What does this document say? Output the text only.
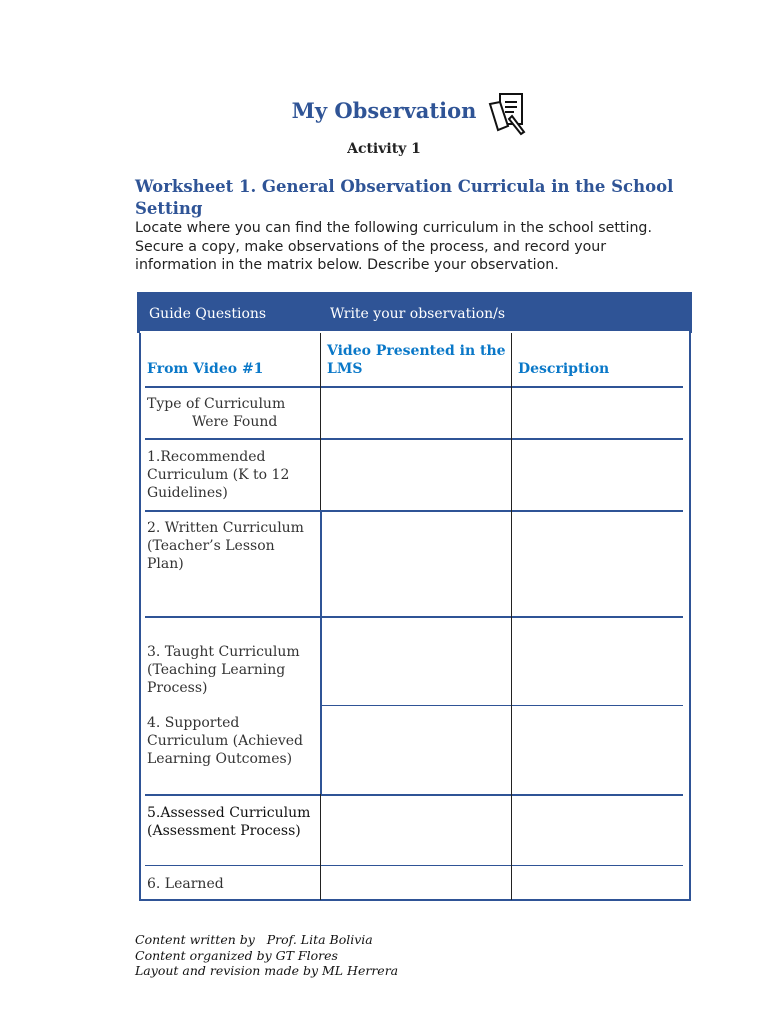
My Observation
Activity 1
Worksheet 1. General Observation Curricula in the School Setting
Locate where you can find the following curriculum in the school setting. Secure a copy, make observations of the process, and record your information in the matrix below. Describe your observation.
Guide Questions	Write your observation/s
From Video #1
Video Presented in the LMS	Description
Type of Curriculum
Were Found
1.Recommended Curriculum (K to 12 Guidelines)
2. Written Curriculum (Teacher’s Lesson Plan)
3. Taught Curriculum (Teaching Learning Process)
4. Supported Curriculum (Achieved Learning Outcomes)
5.Assessed Curriculum (Assessment Process)
6. Learned
Content written by   Prof. Lita Bolivia
Content organized by GT Flores
Layout and revision made by ML Herrera
